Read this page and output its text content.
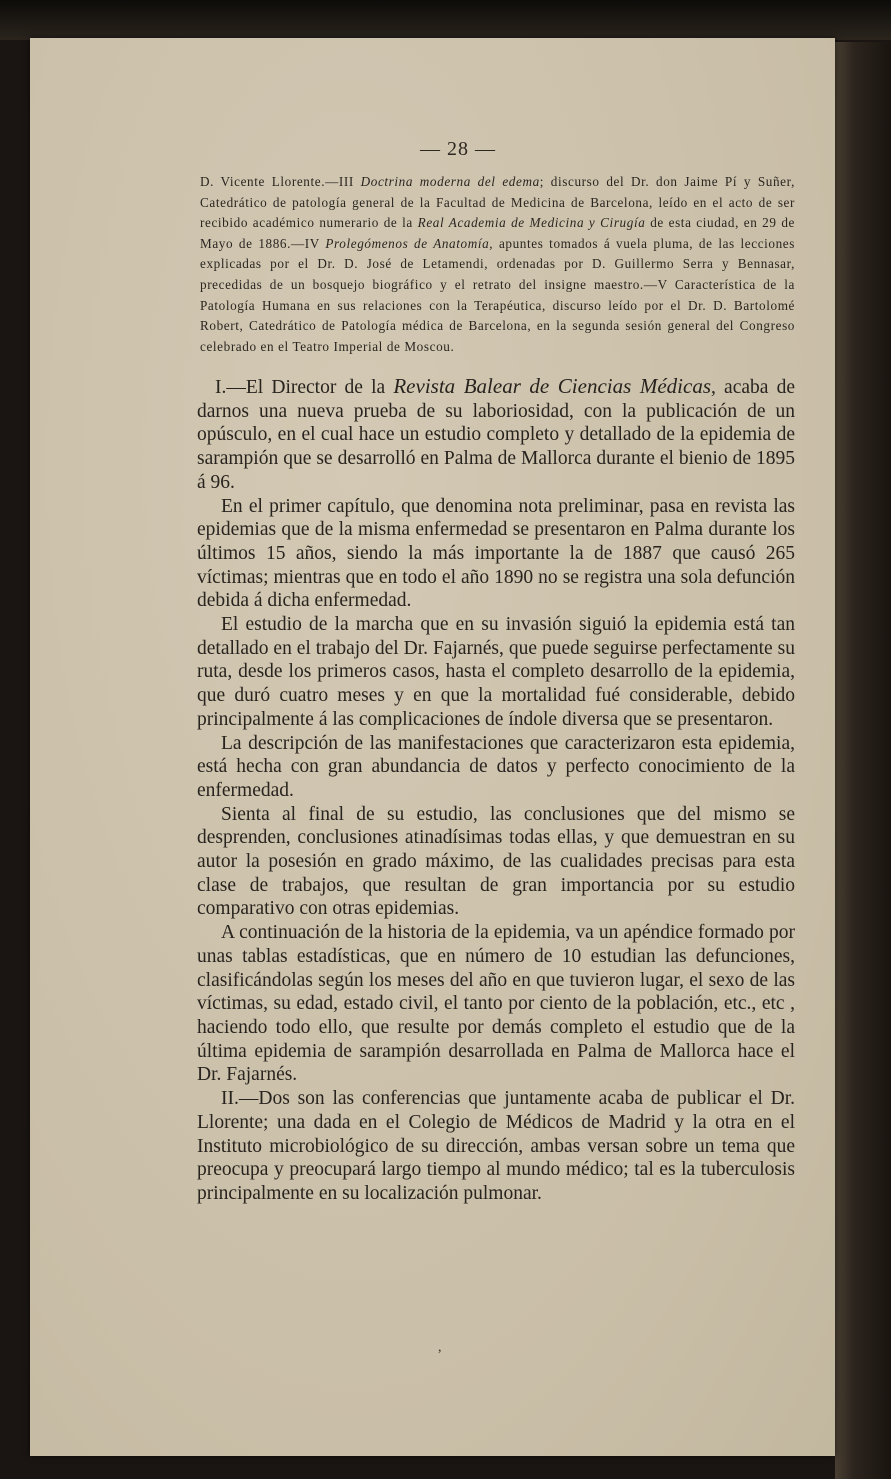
— 28 —

D. Vicente Llorente.—III Doctrina moderna del edema; discurso del Dr. don Jaime Pí y Suñer, Catedrático de patología general de la Facultad de Medicina de Barcelona, leído en el acto de ser recibido académico numerario de la Real Academia de Medicina y Cirugía de esta ciudad, en 29 de Mayo de 1886.—IV Prolegómenos de Anatomía, apuntes tomados á vuela pluma, de las lecciones explicadas por el Dr. D. José de Letamendi, ordenadas por D. Guillermo Serra y Bennasar, precedidas de un bosquejo biográfico y el retrato del insigne maestro.—V Característica de la Patología Humana en sus relaciones con la Terapéutica, discurso leído por el Dr. D. Bartolomé Robert, Catedrático de Patología médica de Barcelona, en la segunda sesión general del Congreso celebrado en el Teatro Imperial de Moscou.

I.—El Director de la Revista Balear de Ciencias Médicas, acaba de darnos una nueva prueba de su laboriosidad, con la publicación de un opúsculo, en el cual hace un estudio completo y detallado de la epidemia de sarampión que se desarrolló en Palma de Mallorca durante el bienio de 1895 á 96.

En el primer capítulo, que denomina nota preliminar, pasa en revista las epidemias que de la misma enfermedad se presentaron en Palma durante los últimos 15 años, siendo la más importante la de 1887 que causó 265 víctimas; mientras que en todo el año 1890 no se registra una sola defunción debida á dicha enfermedad.

El estudio de la marcha que en su invasión siguió la epidemia está tan detallado en el trabajo del Dr. Fajarnés, que puede seguirse perfectamente su ruta, desde los primeros casos, hasta el completo desarrollo de la epidemia, que duró cuatro meses y en que la mortalidad fué considerable, debido principalmente á las complicaciones de índole diversa que se presentaron.

La descripción de las manifestaciones que caracterizaron esta epidemia, está hecha con gran abundancia de datos y perfecto conocimiento de la enfermedad.

Sienta al final de su estudio, las conclusiones que del mismo se desprenden, conclusiones atinadísimas todas ellas, y que demuestran en su autor la posesión en grado máximo, de las cualidades precisas para esta clase de trabajos, que resultan de gran importancia por su estudio comparativo con otras epidemias.

A continuación de la historia de la epidemia, va un apéndice formado por unas tablas estadísticas, que en número de 10 estudian las defunciones, clasificándolas según los meses del año en que tuvieron lugar, el sexo de las víctimas, su edad, estado civil, el tanto por ciento de la población, etc., etc , haciendo todo ello, que resulte por demás completo el estudio que de la última epidemia de sarampión desarrollada en Palma de Mallorca hace el Dr. Fajarnés.

II.—Dos son las conferencias que juntamente acaba de publicar el Dr. Llorente; una dada en el Colegio de Médicos de Madrid y la otra en el Instituto microbiológico de su dirección, ambas versan sobre un tema que preocupa y preocupará largo tiempo al mundo médico; tal es la tuberculosis principalmente en su localización pulmonar.

,
